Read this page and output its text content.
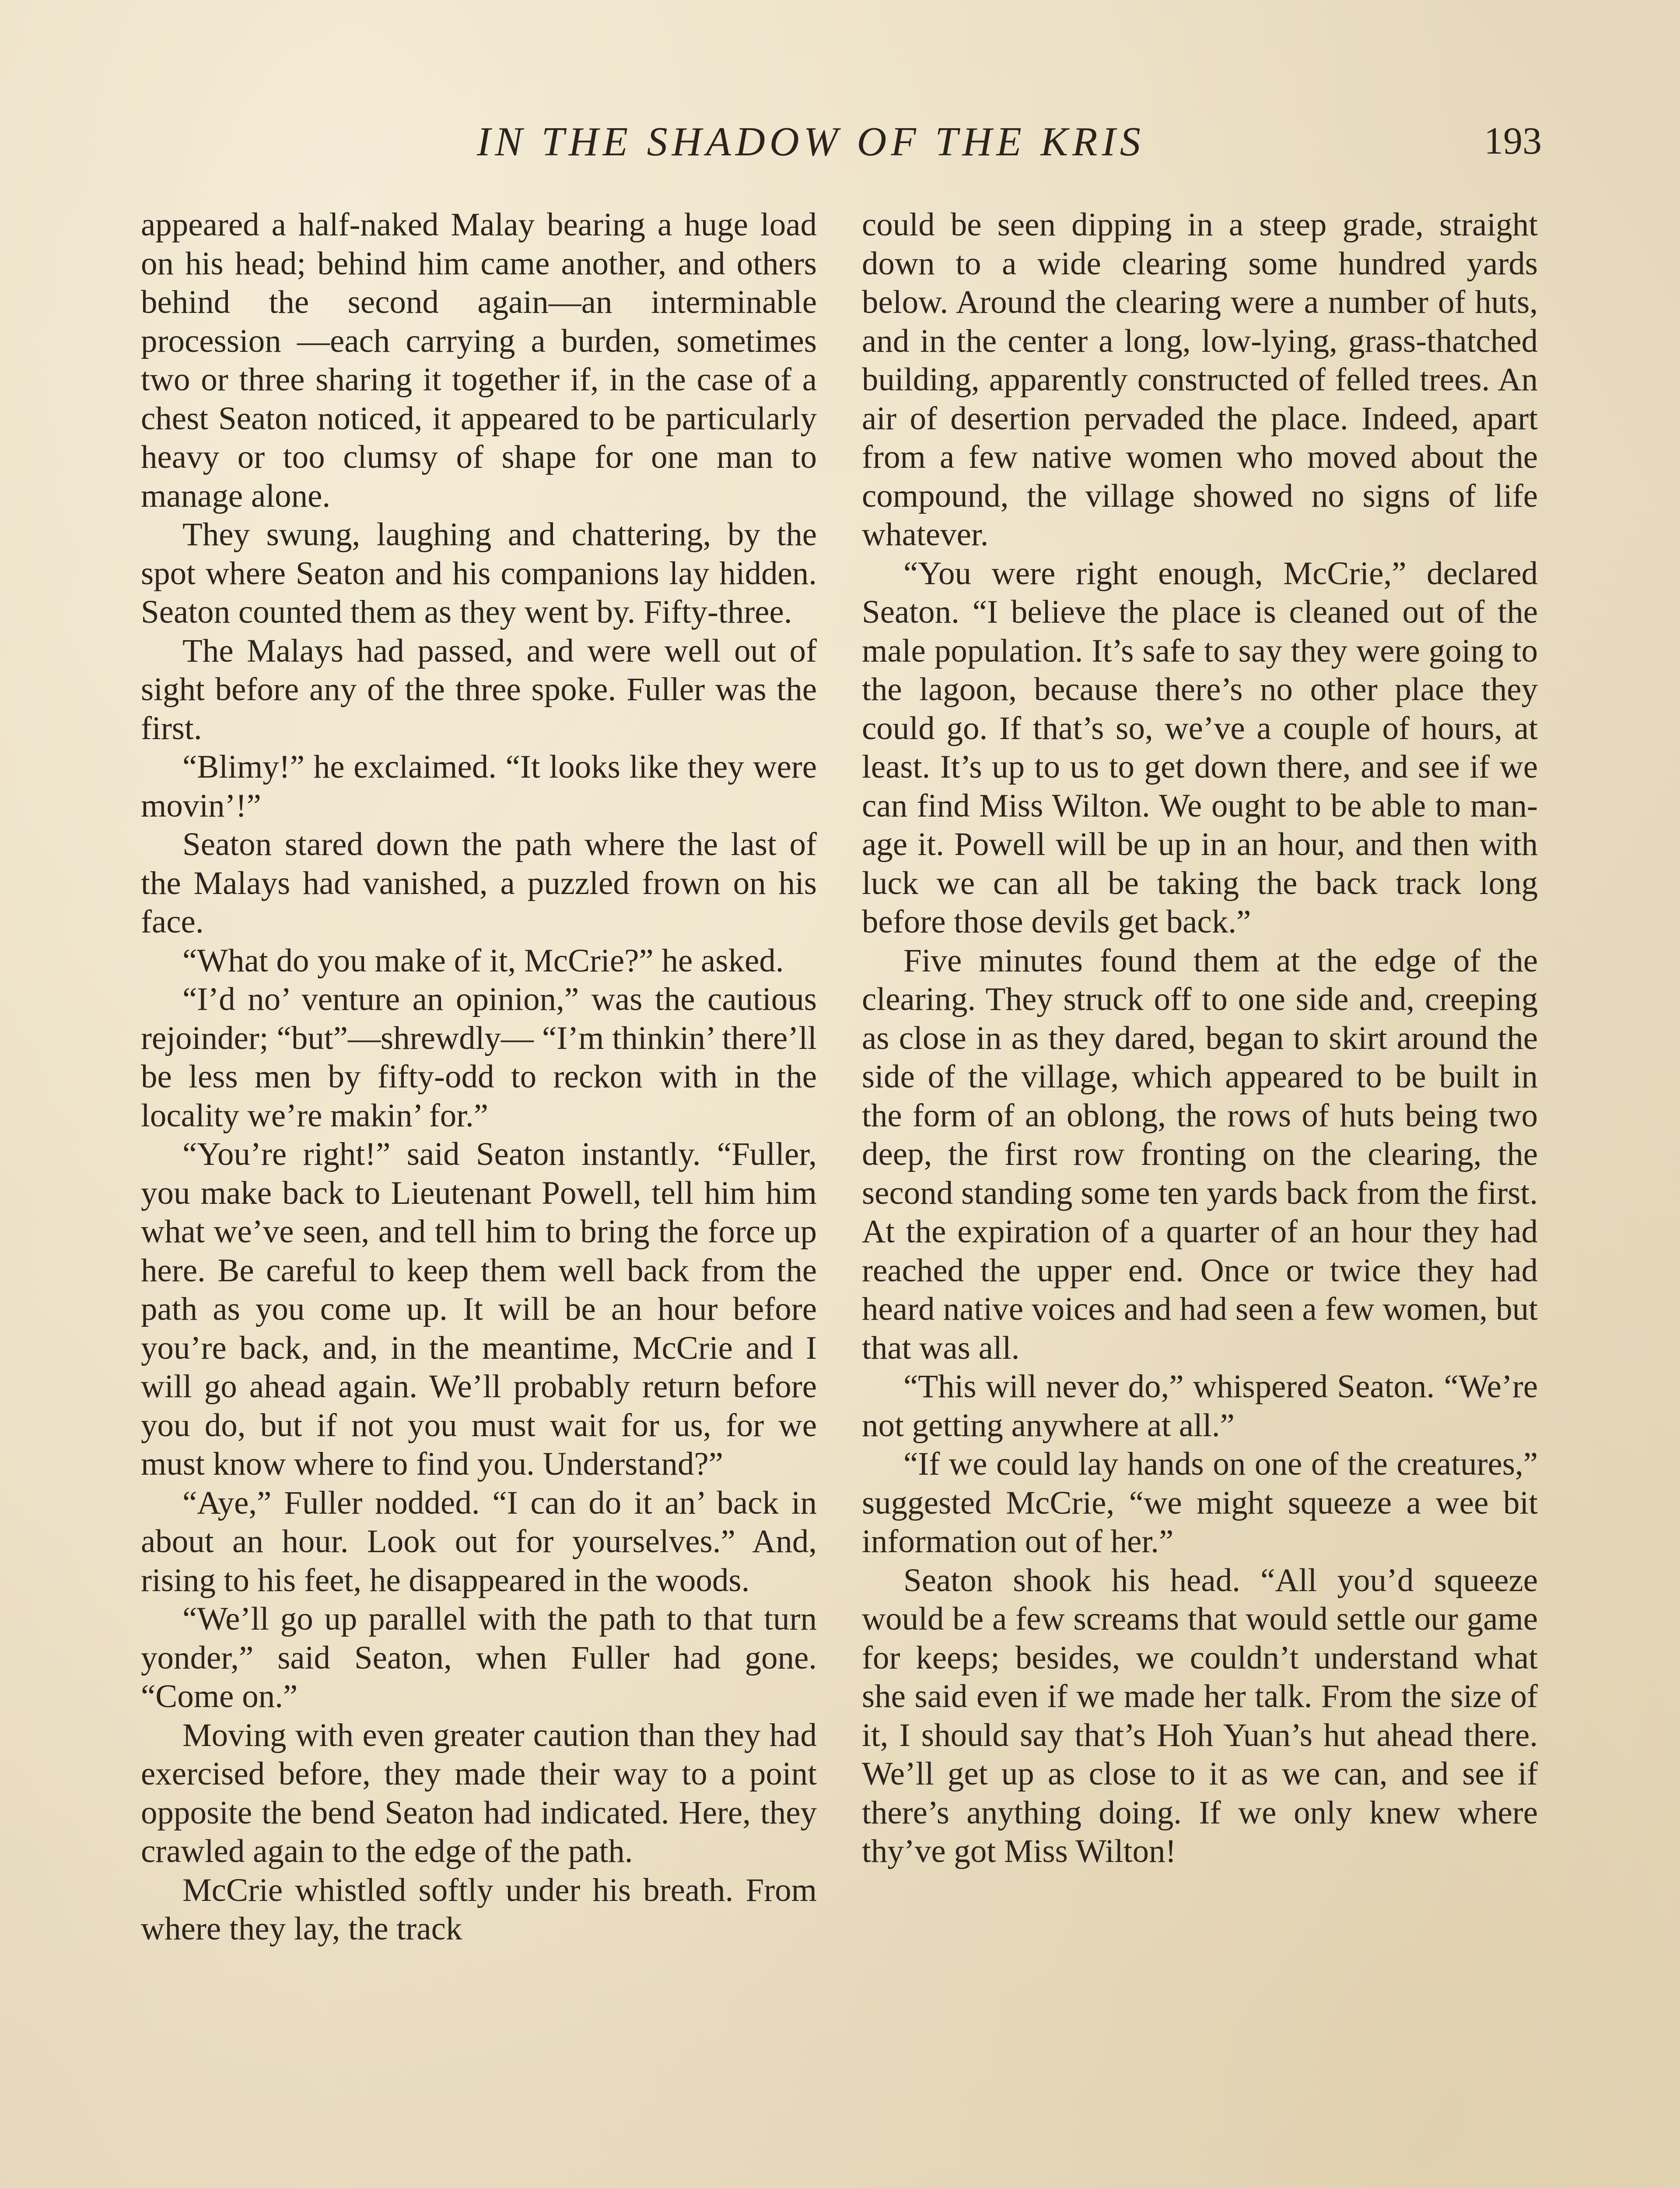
IN THE SHADOW OF THE KRIS	193

appeared a half-naked Malay bearing a huge load on his head; behind him came another, and others behind the second again—an interminable procession —each carrying a burden, sometimes two or three sharing it together if, in the case of a chest Seaton noticed, it appeared to be particularly heavy or too clumsy of shape for one man to manage alone.

They swung, laughing and chattering, by the spot where Seaton and his companions lay hidden. Seaton counted them as they went by. Fifty-three.

The Malays had passed, and were well out of sight before any of the three spoke. Fuller was the first.

“Blimy!” he exclaimed. “It looks like they were movin’!”

Seaton stared down the path where the last of the Malays had vanished, a puzzled frown on his face.

“What do you make of it, McCrie?” he asked.

“I’d no’ venture an opinion,” was the cautious rejoinder; “but”—shrewdly— “I’m thinkin’ there’ll be less men by fifty-odd to reckon with in the locality we’re makin’ for.”

“You’re right!” said Seaton instantly. “Fuller, you make back to Lieutenant Powell, tell him him what we’ve seen, and tell him to bring the force up here. Be careful to keep them well back from the path as you come up. It will be an hour before you’re back, and, in the meantime, McCrie and I will go ahead again. We’ll probably return before you do, but if not you must wait for us, for we must know where to find you. Understand?”

“Aye,” Fuller nodded. “I can do it an’ back in about an hour. Look out for yourselves.” And, rising to his feet, he disappeared in the woods.

“We’ll go up parallel with the path to that turn yonder,” said Seaton, when Fuller had gone. “Come on.”

Moving with even greater caution than they had exercised before, they made their way to a point opposite the bend Seaton had indicated. Here, they crawled again to the edge of the path.

McCrie whistled softly under his breath. From where they lay, the track

could be seen dipping in a steep grade, straight down to a wide clearing some hundred yards below. Around the clearing were a number of huts, and in the center a long, low-lying, grass-thatched building, apparently constructed of felled trees. An air of desertion pervaded the place. Indeed, apart from a few native women who moved about the compound, the village showed no signs of life whatever.

“You were right enough, McCrie,” declared Seaton. “I believe the place is cleaned out of the male population. It’s safe to say they were going to the lagoon, because there’s no other place they could go. If that’s so, we’ve a couple of hours, at least. It’s up to us to get down there, and see if we can find Miss Wilton. We ought to be able to manage it. Powell will be up in an hour, and then with luck we can all be taking the back track long before those devils get back.”

Five minutes found them at the edge of the clearing. They struck off to one side and, creeping as close in as they dared, began to skirt around the side of the village, which appeared to be built in the form of an oblong, the rows of huts being two deep, the first row fronting on the clearing, the second standing some ten yards back from the first. At the expiration of a quarter of an hour they had reached the upper end. Once or twice they had heard native voices and had seen a few women, but that was all.

“This will never do,” whispered Seaton. “We’re not getting anywhere at all.”

“If we could lay hands on one of the creatures,” suggested McCrie, “we might squeeze a wee bit information out of her.”

Seaton shook his head. “All you’d squeeze would be a few screams that would settle our game for keeps; besides, we couldn’t understand what she said even if we made her talk. From the size of it, I should say that’s Hoh Yuan’s hut ahead there. We’ll get up as close to it as we can, and see if there’s anything doing. If we only knew where thy’ve got Miss Wilton!
